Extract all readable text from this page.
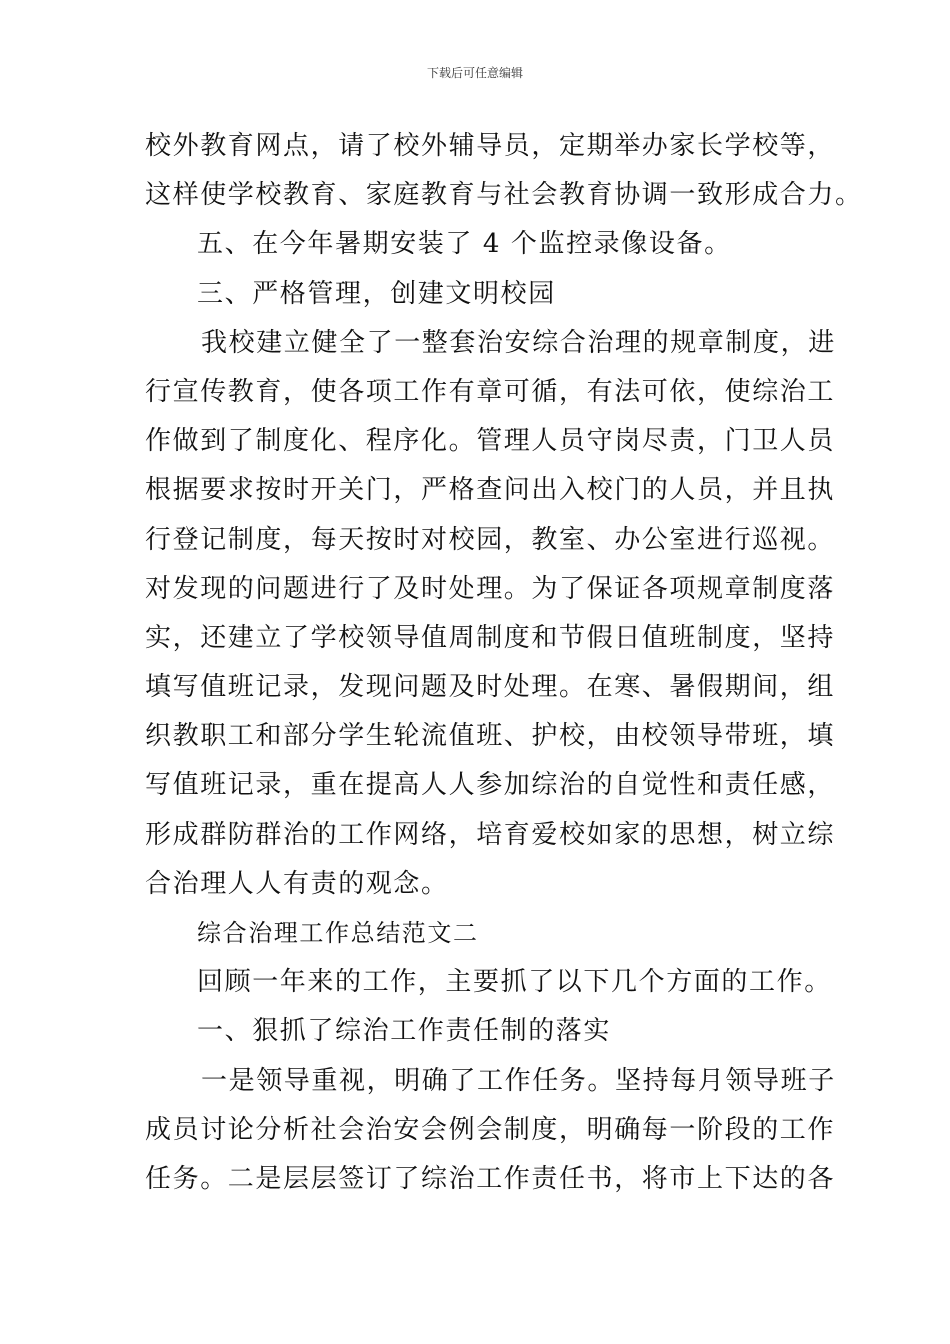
下载后可任意编辑
校外教育网点，请了校外辅导员，定期举办家长学校等，
这样使学校教育、家庭教育与社会教育协调一致形成合力。
五、在今年暑期安装了 4 个监控录像设备。
三、严格管理，创建文明校园
我校建立健全了一整套治安综合治理的规章制度，进
行宣传教育，使各项工作有章可循，有法可依，使综治工
作做到了制度化、程序化。管理人员守岗尽责，门卫人员
根据要求按时开关门，严格查问出入校门的人员，并且执
行登记制度，每天按时对校园，教室、办公室进行巡视。
对发现的问题进行了及时处理。为了保证各项规章制度落
实，还建立了学校领导值周制度和节假日值班制度，坚持
填写值班记录，发现问题及时处理。在寒、暑假期间，组
织教职工和部分学生轮流值班、护校，由校领导带班，填
写值班记录，重在提高人人参加综治的自觉性和责任感，
形成群防群治的工作网络，培育爱校如家的思想，树立综
合治理人人有责的观念。
综合治理工作总结范文二
回顾一年来的工作，主要抓了以下几个方面的工作。
一、狠抓了综治工作责任制的落实
一是领导重视，明确了工作任务。坚持每月领导班子
成员讨论分析社会治安会例会制度，明确每一阶段的工作
任务。二是层层签订了综治工作责任书，将市上下达的各
